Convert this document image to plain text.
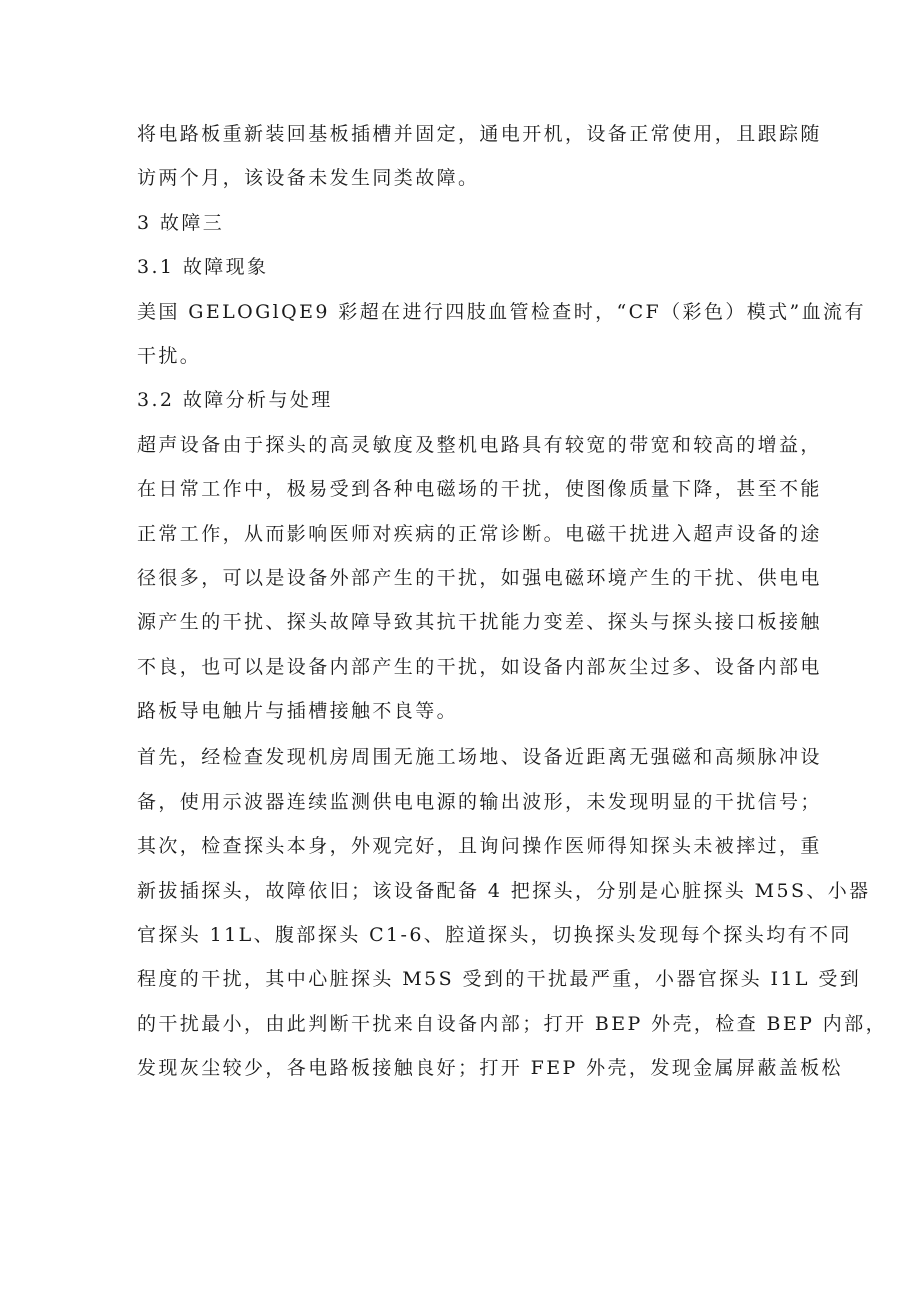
将电路板重新装回基板插槽并固定，通电开机，设备正常使用，且跟踪随
访两个月，该设备未发生同类故障。
3 故障三
3.1 故障现象
美国 GELOGlQE9 彩超在进行四肢血管检查时，“CF（彩色）模式”血流有
干扰。
3.2 故障分析与处理
超声设备由于探头的高灵敏度及整机电路具有较宽的带宽和较高的增益，
在日常工作中，极易受到各种电磁场的干扰，使图像质量下降，甚至不能
正常工作，从而影响医师对疾病的正常诊断。电磁干扰进入超声设备的途
径很多，可以是设备外部产生的干扰，如强电磁环境产生的干扰、供电电
源产生的干扰、探头故障导致其抗干扰能力变差、探头与探头接口板接触
不良，也可以是设备内部产生的干扰，如设备内部灰尘过多、设备内部电
路板导电触片与插槽接触不良等。
首先，经检查发现机房周围无施工场地、设备近距离无强磁和高频脉冲设
备，使用示波器连续监测供电电源的输出波形，未发现明显的干扰信号；
其次，检查探头本身，外观完好，且询问操作医师得知探头未被摔过，重
新拔插探头，故障依旧；该设备配备 4 把探头，分别是心脏探头 M5S、小器
官探头 11L、腹部探头 C1-6、腔道探头，切换探头发现每个探头均有不同
程度的干扰，其中心脏探头 M5S 受到的干扰最严重，小器官探头 I1L 受到
的干扰最小，由此判断干扰来自设备内部；打开 BEP 外壳，检查 BEP 内部，
发现灰尘较少，各电路板接触良好；打开 FEP 外壳，发现金属屏蔽盖板松
